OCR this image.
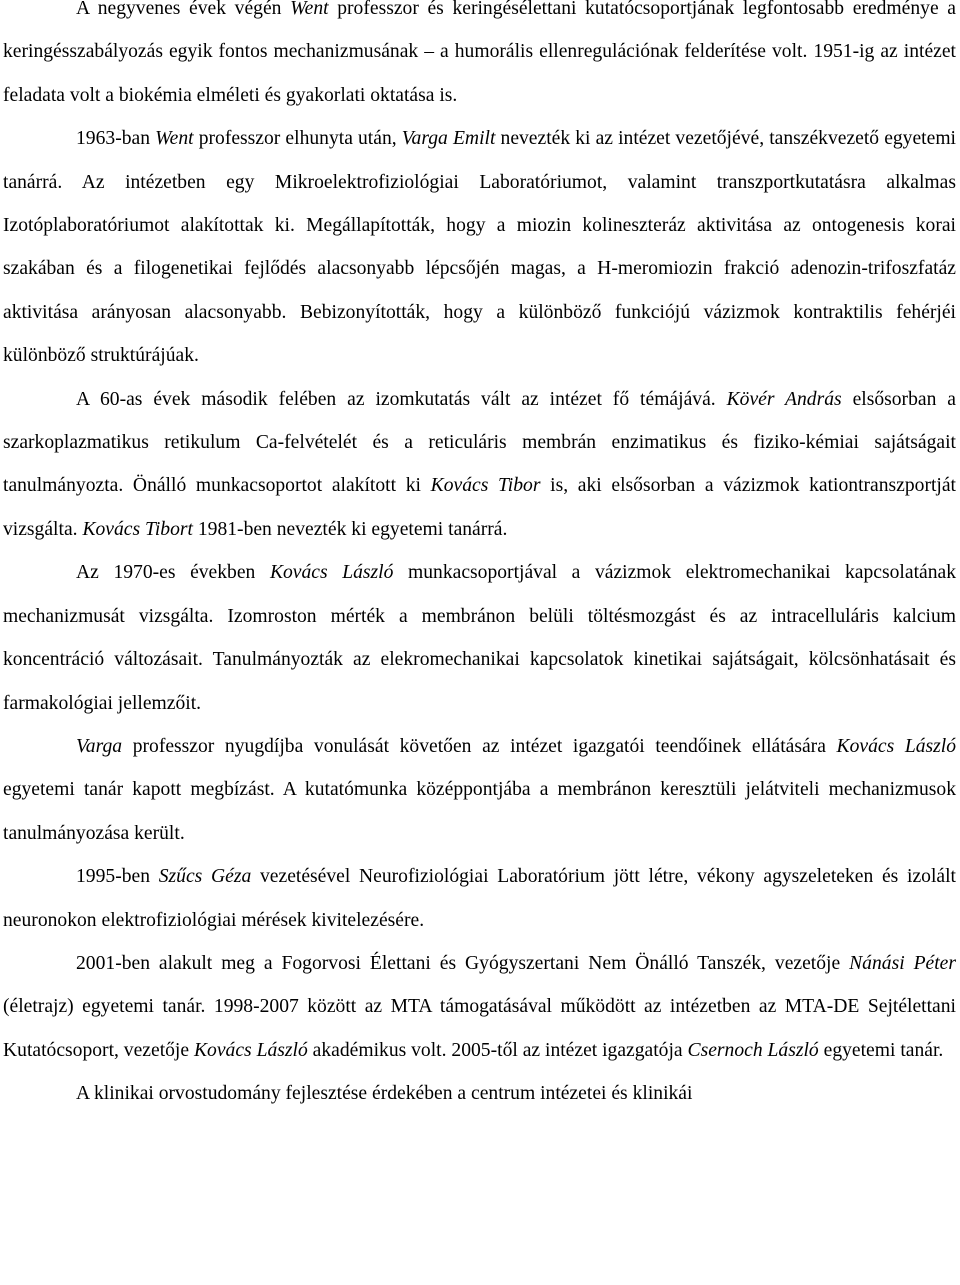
A negyvenes évek végén Went professzor és keringésélettani kutatócsoportjának legfontosabb eredménye a keringésszabályozás egyik fontos mechanizmusának – a humorális ellenregulációnak felderítése volt. 1951-ig az intézet feladata volt a biokémia elméleti és gyakorlati oktatása is.

1963-ban Went professzor elhunyta után, Varga Emilt nevezték ki az intézet vezetőjévé, tanszékvezető egyetemi tanárrá. Az intézetben egy Mikroelektrofiziológiai Laboratóriumot, valamint transzportkutatásra alkalmas Izotóplaboratóriumot alakítottak ki. Megállapították, hogy a miozin kolineszteráz aktivitása az ontogenesis korai szakában és a filogenetikai fejlődés alacsonyabb lépcsőjén magas, a H-meromiozin frakció adenozin-trifoszfatáz aktivitása arányosan alacsonyabb. Bebizonyították, hogy a különböző funkciójú vázizmok kontraktilis fehérjéi különböző struktúrájúak.

A 60-as évek második felében az izomkutatás vált az intézet fő témájává. Kövér András elsősorban a szarkoplazmatikus retikulum Ca-felvételét és a reticuláris membrán enzimatikus és fiziko-kémiai sajátságait tanulmányozta. Önálló munkacsoportot alakított ki Kovács Tibor is, aki elsősorban a vázizmok kationtranszportját vizsgálta. Kovács Tibort 1981-ben nevezték ki egyetemi tanárrá.

Az 1970-es években Kovács László munkacsoportjával a vázizmok elektromechanikai kapcsolatának mechanizmusát vizsgálta. Izomroston mérték a membránon belüli töltésmozgást és az intracelluláris kalcium koncentráció változásait. Tanulmányozták az elekromechanikai kapcsolatok kinetikai sajátságait, kölcsönhatásait és farmakológiai jellemzőit.

Varga professzor nyugdíjba vonulását követően az intézet igazgatói teendőinek ellátására Kovács László egyetemi tanár kapott megbízást. A kutatómunka középpontjába a membránon keresztüli jelátviteli mechanizmusok tanulmányozása került.

1995-ben Szűcs Géza vezetésével Neurofiziológiai Laboratórium jött létre, vékony agyszeleteken és izolált neuronokon elektrofiziológiai mérések kivitelezésére.

2001-ben alakult meg a Fogorvosi Élettani és Gyógyszertani Nem Önálló Tanszék, vezetője Nánási Péter (életrajz) egyetemi tanár. 1998-2007 között az MTA támogatásával működött az intézetben az MTA-DE Sejtélettani Kutatócsoport, vezetője Kovács László akadémikus volt. 2005-től az intézet igazgatója Csernoch László egyetemi tanár.

A klinikai orvostudomány fejlesztése érdekében a centrum intézetei és klinikái
